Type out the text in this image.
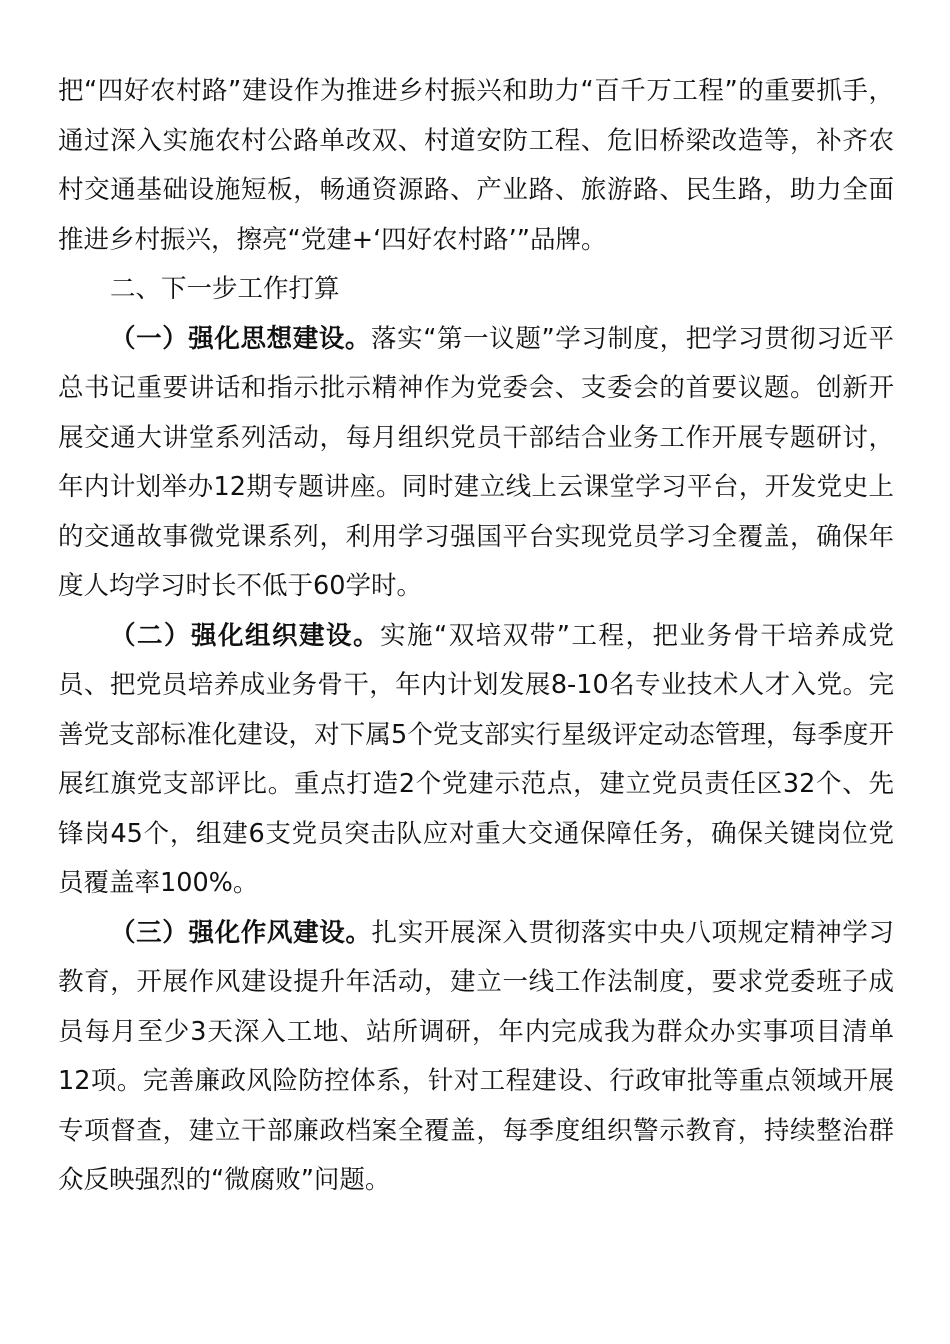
把“四好农村路”建设作为推进乡村振兴和助力“百千万工程”的重要抓手，通过深入实施农村公路单改双、村道安防工程、危旧桥梁改造等，补齐农村交通基础设施短板，畅通资源路、产业路、旅游路、民生路，助力全面推进乡村振兴，擦亮“党建+‘四好农村路’”品牌。

二、下一步工作打算

（一）强化思想建设。落实“第一议题”学习制度，把学习贯彻习近平总书记重要讲话和指示批示精神作为党委会、支委会的首要议题。创新开展交通大讲堂系列活动，每月组织党员干部结合业务工作开展专题研讨，年内计划举办12期专题讲座。同时建立线上云课堂学习平台，开发党史上的交通故事微党课系列，利用学习强国平台实现党员学习全覆盖，确保年度人均学习时长不低于60学时。

（二）强化组织建设。实施“双培双带”工程，把业务骨干培养成党员、把党员培养成业务骨干，年内计划发展8-10名专业技术人才入党。完善党支部标准化建设，对下属5个党支部实行星级评定动态管理，每季度开展红旗党支部评比。重点打造2个党建示范点，建立党员责任区32个、先锋岗45个，组建6支党员突击队应对重大交通保障任务，确保关键岗位党员覆盖率100%。

（三）强化作风建设。扎实开展深入贯彻落实中央八项规定精神学习教育，开展作风建设提升年活动，建立一线工作法制度，要求党委班子成员每月至少3天深入工地、站所调研，年内完成我为群众办实事项目清单12项。完善廉政风险防控体系，针对工程建设、行政审批等重点领域开展专项督查，建立干部廉政档案全覆盖，每季度组织警示教育，持续整治群众反映强烈的“微腐败”问题。
